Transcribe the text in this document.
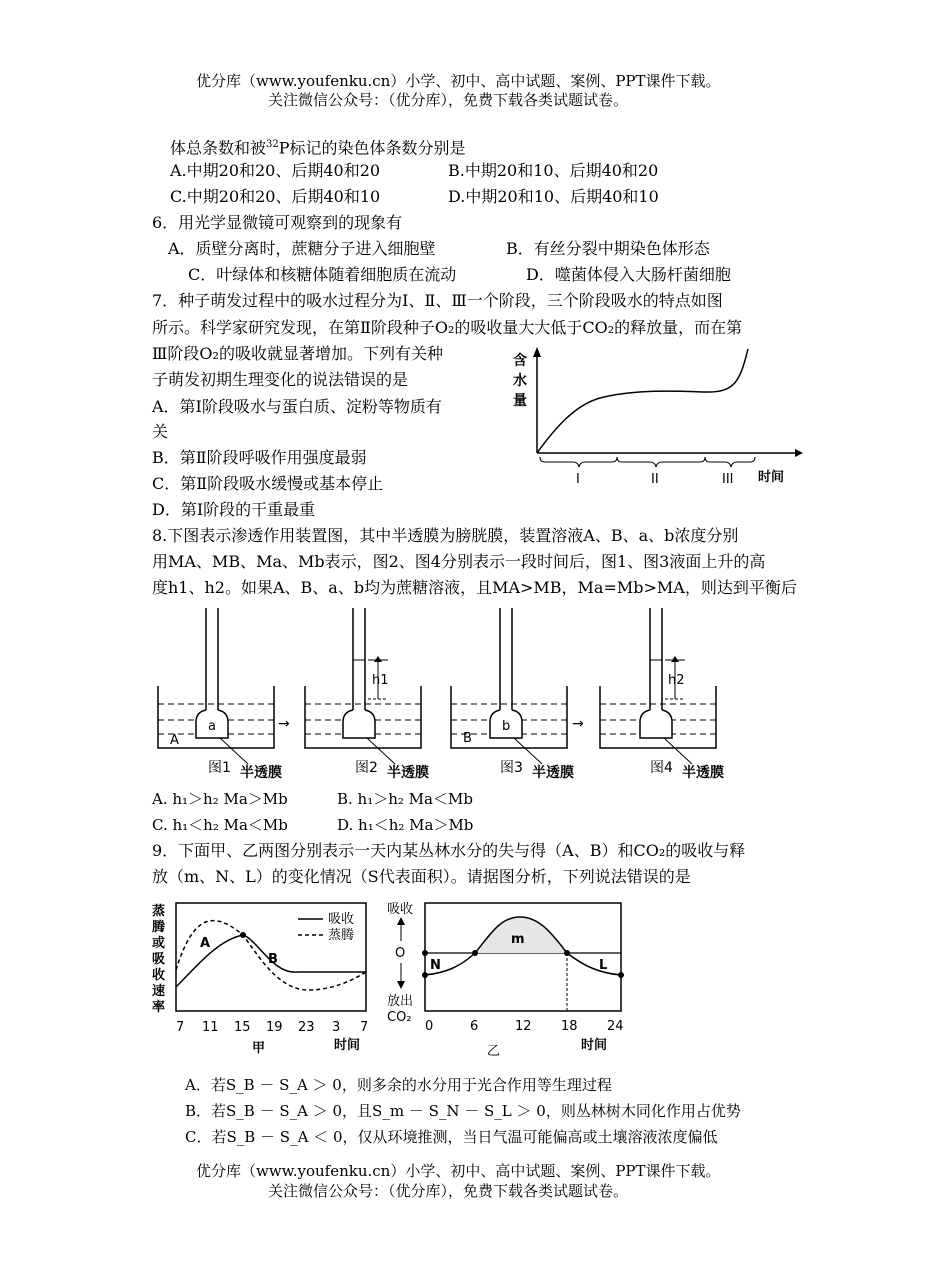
优分库（www.youfenku.cn）小学、初中、高中试题、案例、PPT课件下载。
关注微信公众号：（优分库），免费下载各类试题试卷。
体总条数和被$^{32}$P标记的染色体条数分别是
A.中期20和20、后期40和20	B.中期20和10、后期40和20
C.中期20和20、后期40和10	D.中期20和10、后期40和10
6．用光学显微镜可观察到的现象有
A．质壁分离时，蔗糖分子进入细胞壁	B．有丝分裂中期染色体形态
C．叶绿体和核糖体随着细胞质在流动	D．噬菌体侵入大肠杆菌细胞
7．种子萌发过程中的吸水过程分为Ⅰ、Ⅱ、Ⅲ一个阶段，三个阶段吸水的特点如图
所示。科学家研究发现，在第Ⅱ阶段种子O₂的吸收量大大低于CO₂的释放量，而在第
Ⅲ阶段O₂的吸收就显著增加。下列有关种
子萌发初期生理变化的说法错误的是
A．第Ⅰ阶段吸水与蛋白质、淀粉等物质有
关
B．第Ⅱ阶段呼吸作用强度最弱
C．第Ⅱ阶段吸水缓慢或基本停止
D．第Ⅰ阶段的干重最重
含
水
量
I	II	III 时间
8.下图表示渗透作用装置图，其中半透膜为膀胱膜，装置溶液A、B、a、b浓度分别
用MA、MB、Ma、Mb表示，图2、图4分别表示一段时间后，图1、图3液面上升的高
度h1、h2。如果A、B、a、b均为蔗糖溶液，且MA>MB，Ma=Mb>MA，则达到平衡后
a
A
b
B
h1	h2
→	→
图1 半透膜	图2 半透膜	图3 半透膜	图4 半透膜
A. h₁＞h₂ Ma＞Mb	B. h₁＞h₂ Ma＜Mb
C. h₁＜h₂ Ma＜Mb	D. h₁＜h₂ Ma＞Mb
9．下面甲、乙两图分别表示一天内某丛林水分的失与得（A、B）和CO₂的吸收与释
放（m、N、L）的变化情况（S代表面积）。请据图分析，下列说法错误的是
吸收
蒸腾
A
B
蒸
腾
或
吸
收
速
率
7 11 15 19 23 3 7
甲	时间
m
N	L
吸收
O
放出
CO₂
0	6	12 18 24
乙	时间
A．若S_B － S_A ＞ 0，则多余的水分用于光合作用等生理过程
B．若S_B － S_A ＞ 0，且S_m － S_N － S_L ＞ 0，则丛林树木同化作用占优势
C．若S_B － S_A ＜ 0，仅从环境推测，当日气温可能偏高或土壤溶液浓度偏低
优分库（www.youfenku.cn）小学、初中、高中试题、案例、PPT课件下载。
关注微信公众号：（优分库），免费下载各类试题试卷。
